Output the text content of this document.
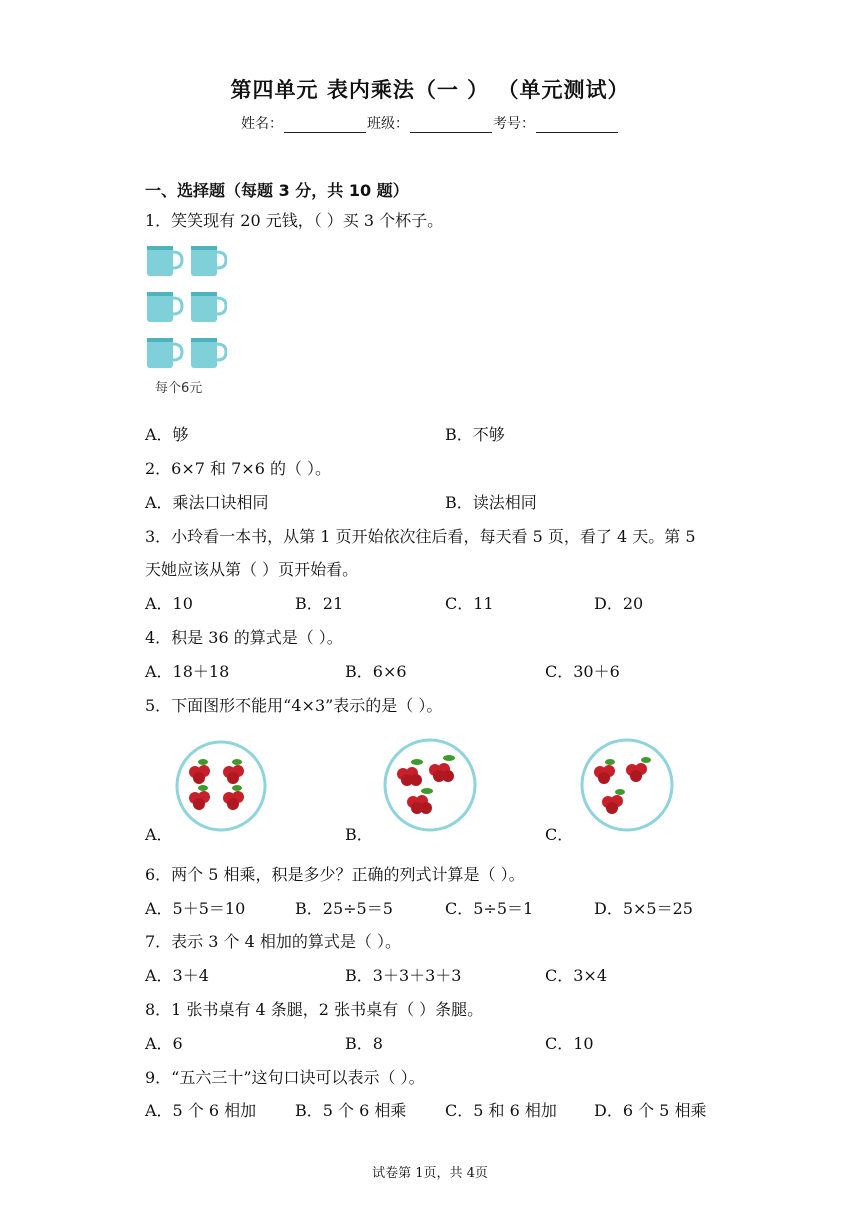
第四单元 表内乘法（一 ） （单元测试）
姓名：	班级：	考号：
一、选择题（每题 3 分，共 10 题）
1．笑笑现有 20 元钱，（ ）买 3 个杯子。
每个6元
A．够	B．不够
2．6×7 和 7×6 的（ ）。
A．乘法口诀相同	B．读法相同
3．小玲看一本书，从第 1 页开始依次往后看，每天看 5 页，看了 4 天。第 5
天她应该从第（ ）页开始看。
A．10	B．21	C．11	D．20
4．积是 36 的算式是（ ）。
A．18＋18	B．6×6	C．30＋6
5．下面图形不能用“4×3”表示的是（ ）。
A．	B．	C．
6．两个 5 相乘，积是多少？正确的列式计算是（ ）。
A．5＋5＝10	B．25÷5＝5	C．5÷5＝1	D．5×5＝25
7．表示 3 个 4 相加的算式是（ ）。
A．3＋4	B．3＋3＋3＋3	C．3×4
8．1 张书桌有 4 条腿，2 张书桌有（ ）条腿。
A．6	B．8	C．10
9．“五六三十”这句口诀可以表示（ ）。
A．5 个 6 相加 B．5 个 6 相乘 C．5 和 6 相加 D．6 个 5 相乘
试卷第 1页，共 4页
